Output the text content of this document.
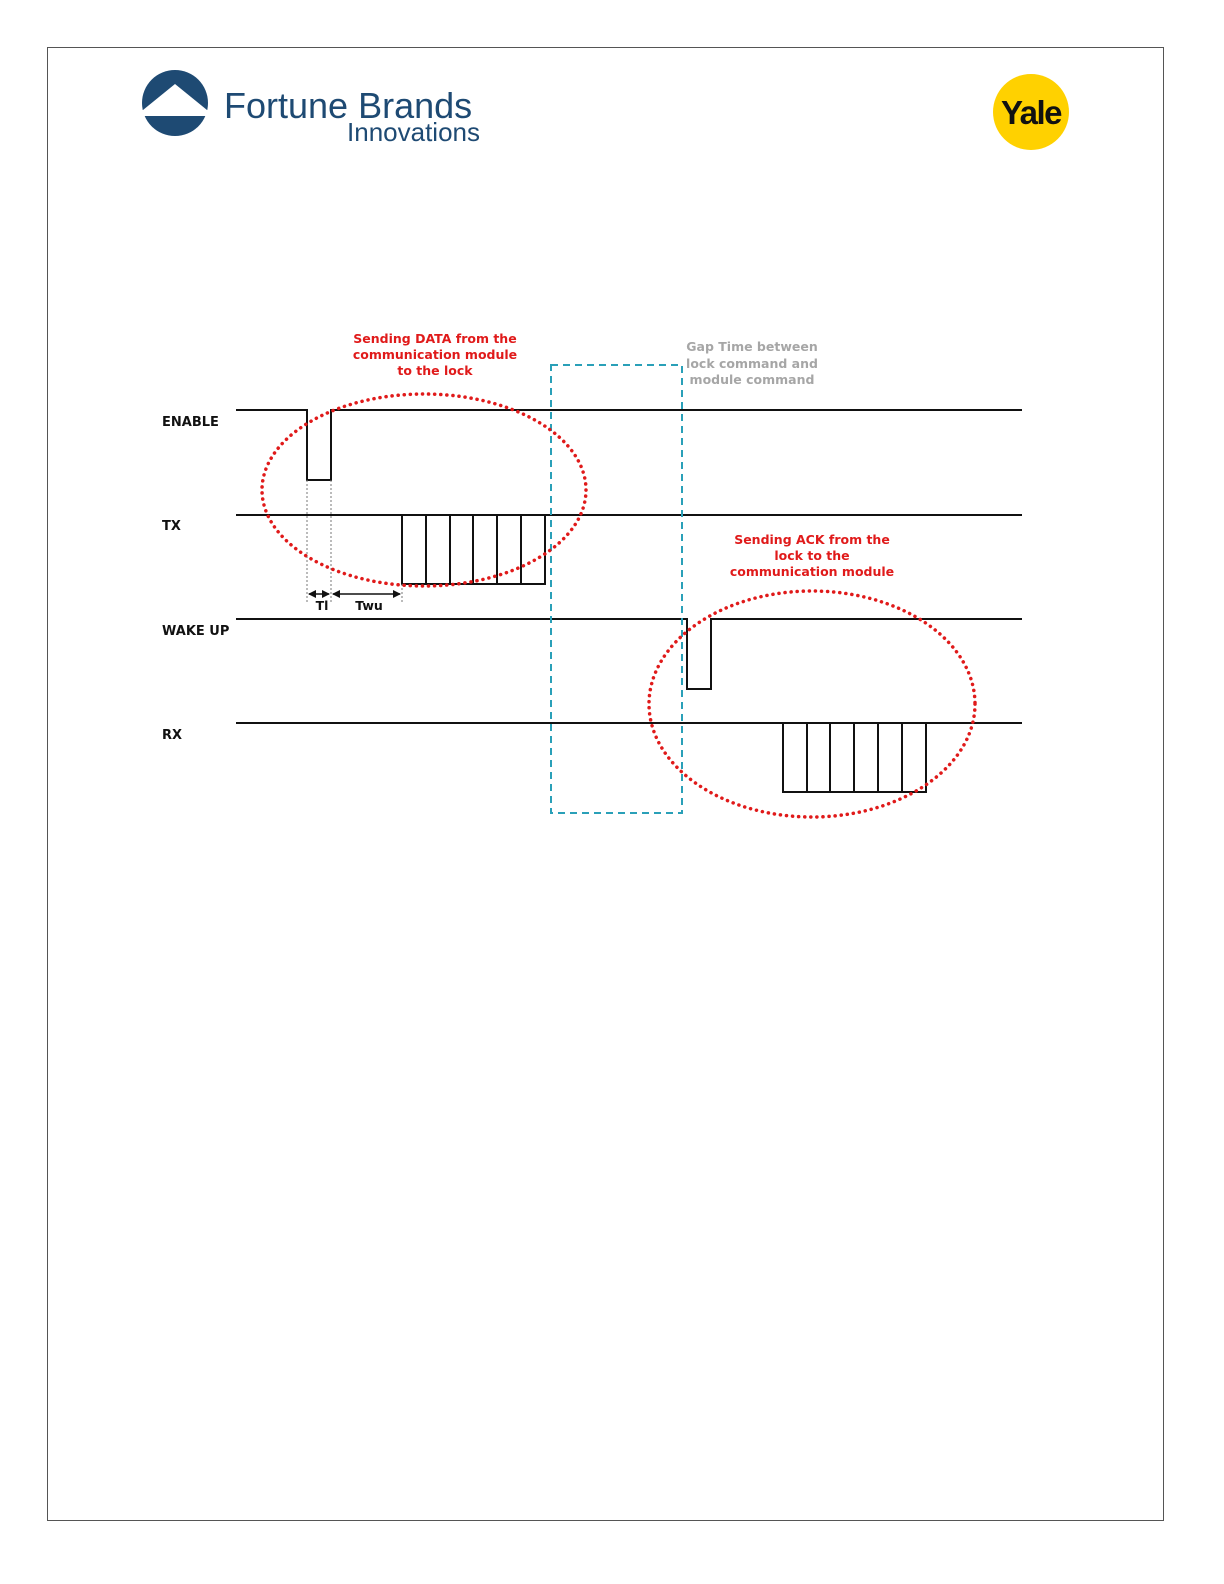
Fortune Brands
Innovations
Yale
ENABLE
TX
WAKE UP
RX
Tl Twu
Sending DATA from the
communication module
to the lock
Gap Time between
lock command and
module command
Sending ACK from the
lock to the
communication module
